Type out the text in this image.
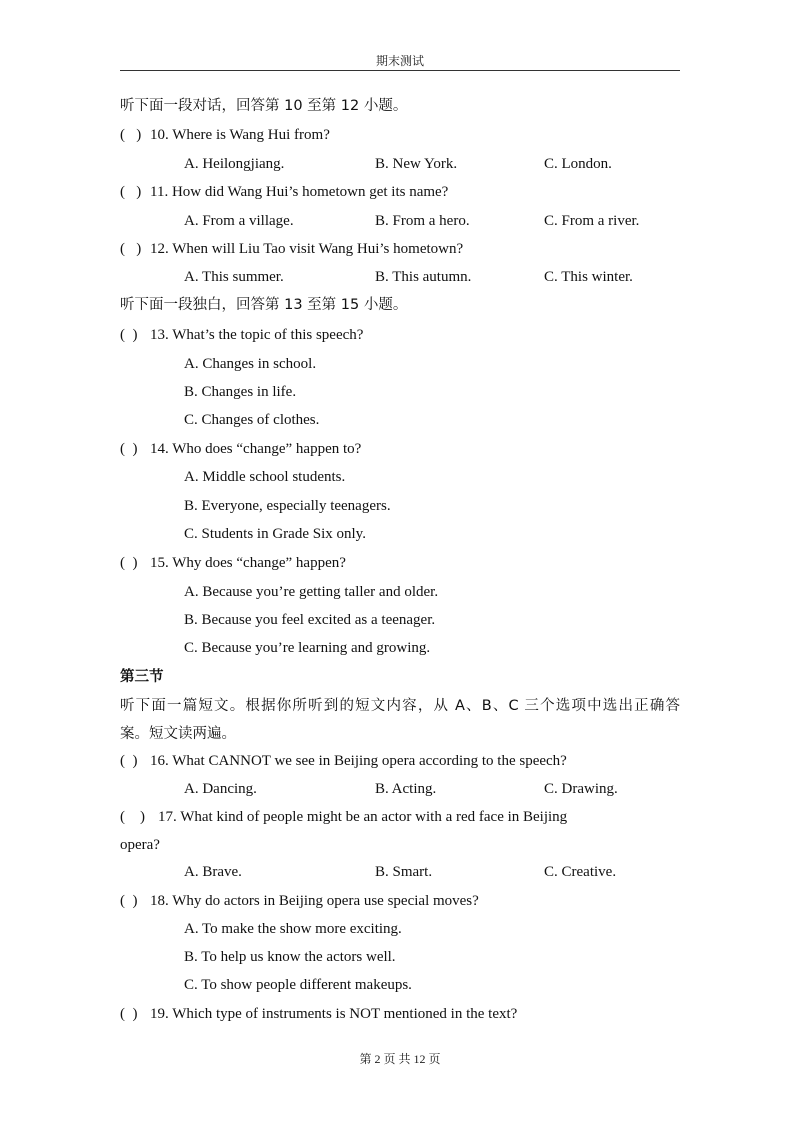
期末测试
听下面一段对话，回答第 10 至第 12 小题。
(   ) 10. Where is Wang Hui from?
A. Heilongjiang.	B. New York.	C. London.
(   ) 11. How did Wang Hui’s hometown get its name?
A. From a village.	B. From a hero.	C. From a river.
(   ) 12. When will Liu Tao visit Wang Hui’s hometown?
A. This summer.	B. This autumn.	C. This winter.
听下面一段独白，回答第 13 至第 15 小题。
(  ) 13. What’s the topic of this speech?
A. Changes in school.
B. Changes in life.
C. Changes of clothes.
(  ) 14. Who does “change” happen to?
A. Middle school students.
B. Everyone, especially teenagers.
C. Students in Grade Six only.
(  ) 15. Why does “change” happen?
A. Because you’re getting taller and older.
B. Because you feel excited as a teenager.
C. Because you’re learning and growing.
第三节
听下面一篇短文。根据你所听到的短文内容，从 A、B、C 三个选项中选出正确答
案。短文读两遍。
(  ) 16. What CANNOT we see in Beijing opera according to the speech?
A. Dancing.	B. Acting.	C. Drawing.
(    ) 17. What kind of people might be an actor with a red face in Beijing
opera?
A. Brave.	B. Smart.	C. Creative.
(  ) 18. Why do actors in Beijing opera use special moves?
A. To make the show more exciting.
B. To help us know the actors well.
C. To show people different makeups.
(  ) 19. Which type of instruments is NOT mentioned in the text?
第 2 页 共 12 页
